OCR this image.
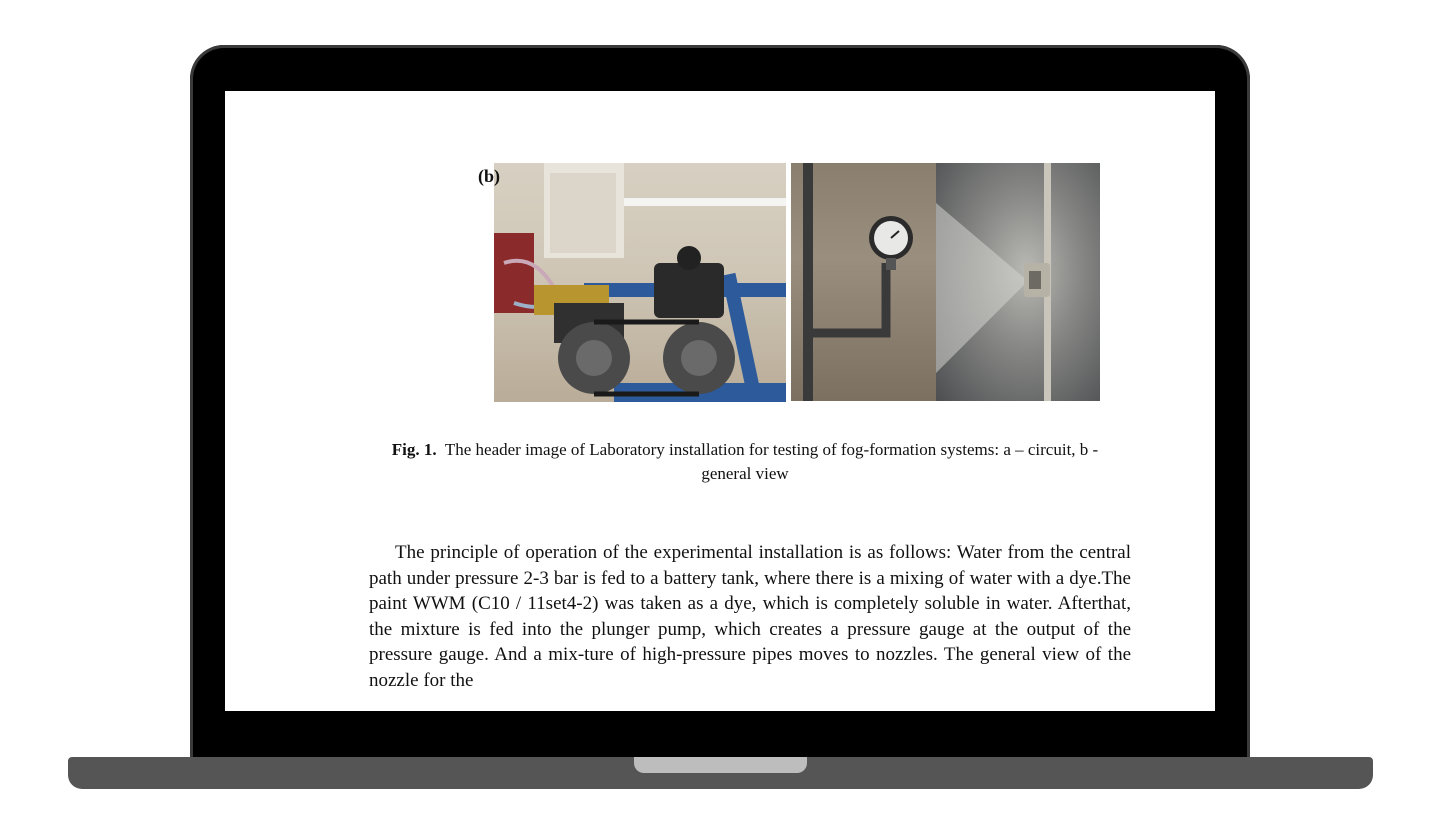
(b)
Fig. 1. The header image of Laboratory installation for testing of fog-formation systems: a – circuit, b - general view
The principle of operation of the experimental installation is as follows: Water from the central path under pressure 2-3 bar is fed to a battery tank, where there is a mixing of water with a dye.The paint WWM (C10 / 11set4-2) was taken as a dye, which is completely soluble in water. Afterthat, the mixture is fed into the plunger pump, which creates a pressure gauge at the output of the pressure gauge. And a mix-ture of high-pressure pipes moves to nozzles. The general view of the nozzle for the
